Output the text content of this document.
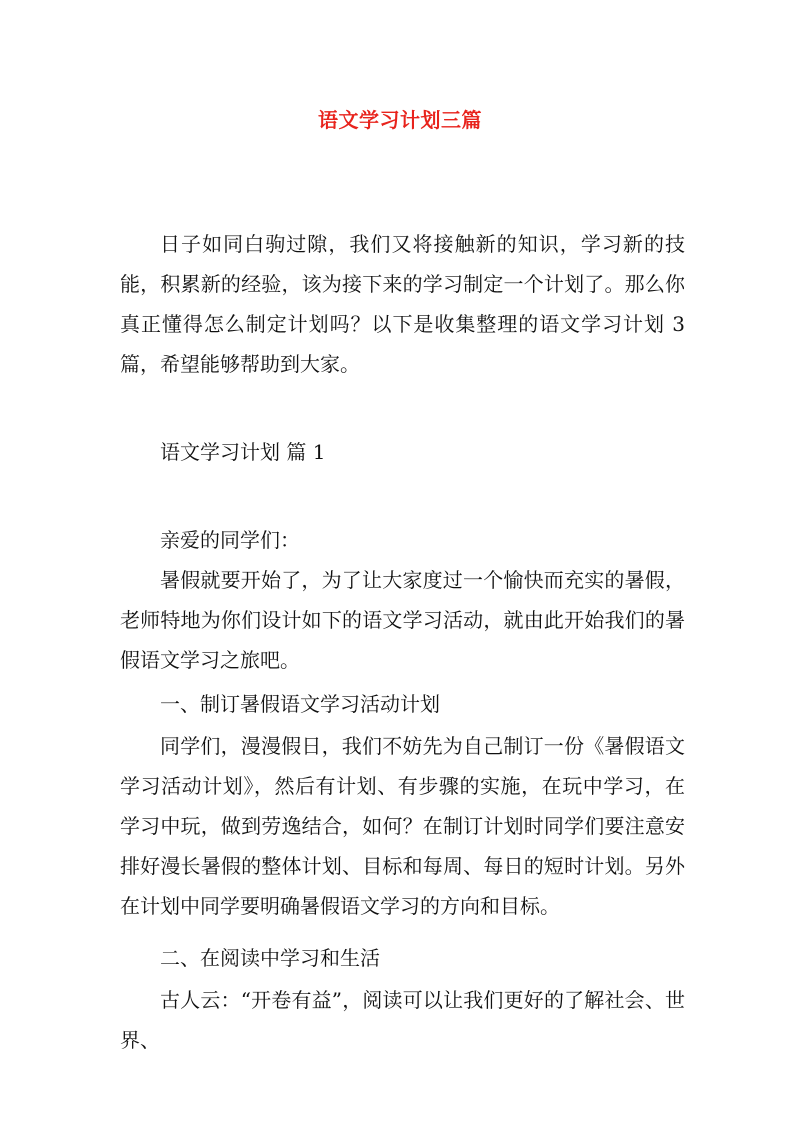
语文学习计划三篇

日子如同白驹过隙，我们又将接触新的知识，学习新的技能，积累新的经验，该为接下来的学习制定一个计划了。那么你真正懂得怎么制定计划吗？以下是收集整理的语文学习计划 3 篇，希望能够帮助到大家。

语文学习计划 篇 1

亲爱的同学们：

暑假就要开始了，为了让大家度过一个愉快而充实的暑假，老师特地为你们设计如下的语文学习活动，就由此开始我们的暑假语文学习之旅吧。

一、制订暑假语文学习活动计划

同学们，漫漫假日，我们不妨先为自己制订一份《暑假语文学习活动计划》，然后有计划、有步骤的实施，在玩中学习，在学习中玩，做到劳逸结合，如何？在制订计划时同学们要注意安排好漫长暑假的整体计划、目标和每周、每日的短时计划。另外在计划中同学要明确暑假语文学习的方向和目标。

二、在阅读中学习和生活

古人云：“开卷有益”，阅读可以让我们更好的了解社会、世界、
